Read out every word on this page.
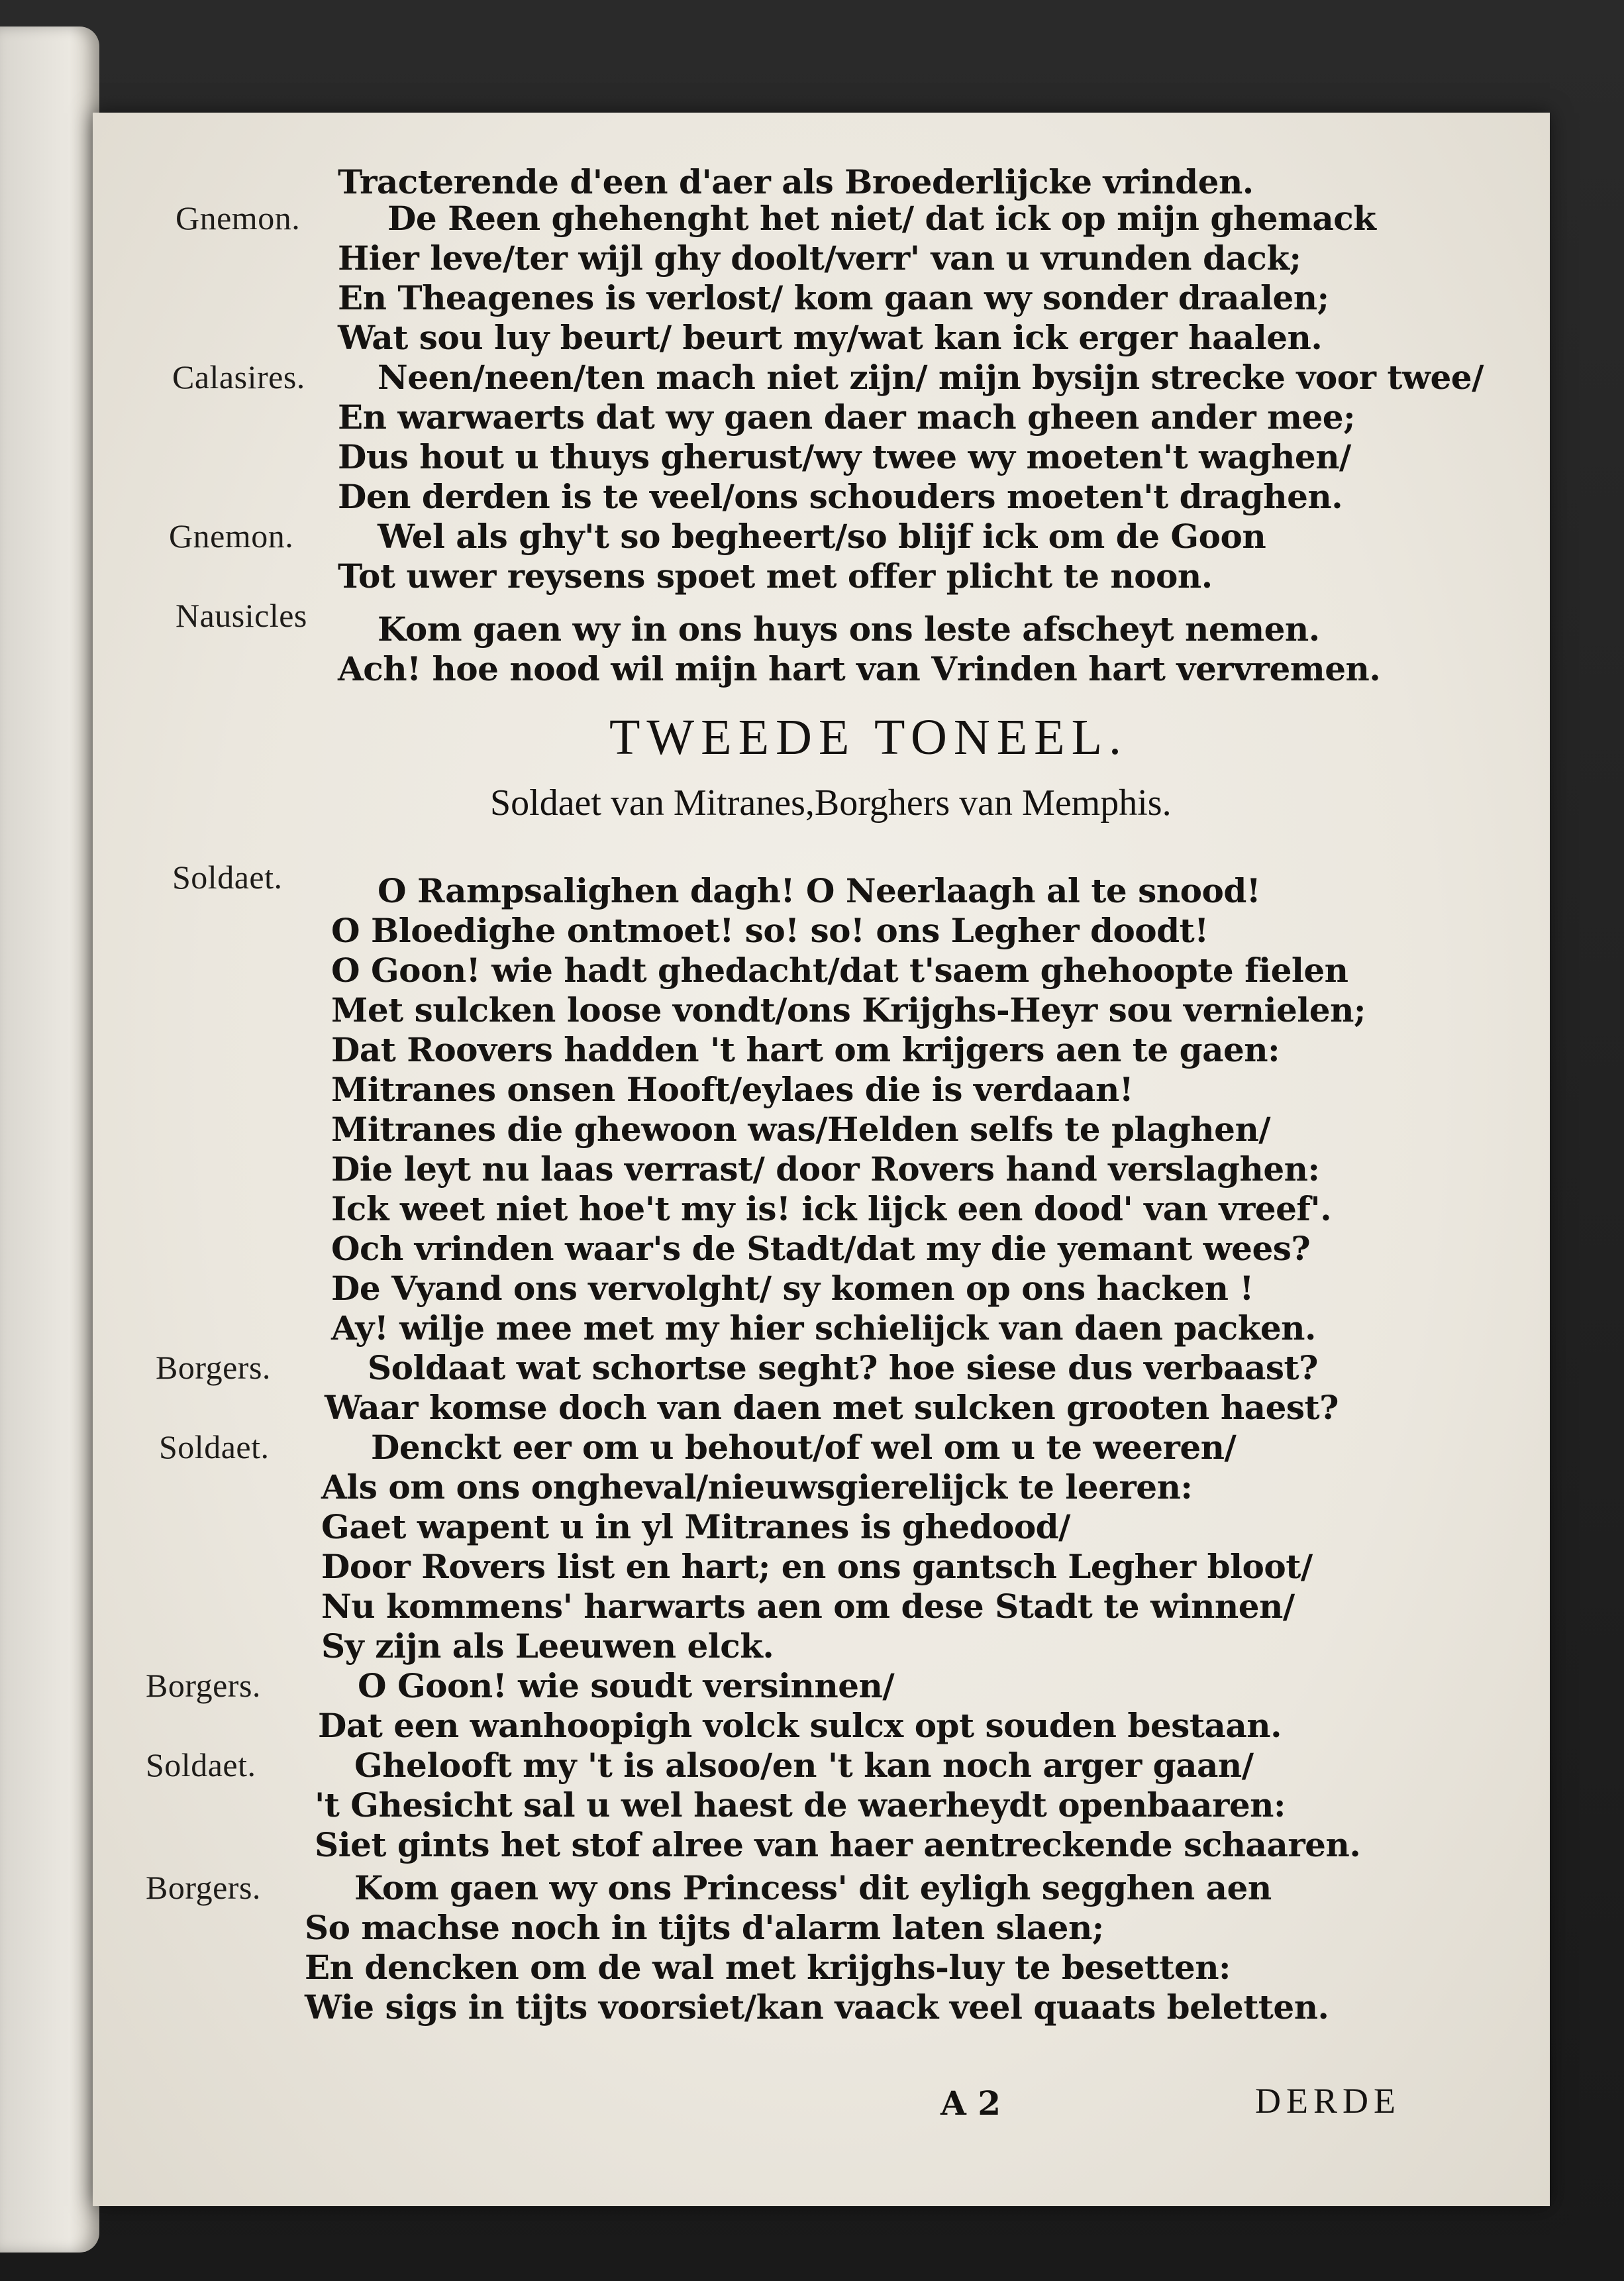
Tracterende d'een d'aer als Broederlijcke vrinden.
Gnemon.	De Reen ghehenght het niet/ dat ick op mijn ghemack
Hier leve/ter wijl ghy doolt/verr' van u vrunden dack;
En Theagenes is verlost/ kom gaan wy sonder draalen;
Wat sou luy beurt/ beurt my/wat kan ick erger haalen.
Calasires. Neen/neen/ten mach niet zijn/ mijn bysijn strecke voor twee/
En warwaerts dat wy gaen daer mach gheen ander mee;
Dus hout u thuys gherust/wy twee wy moeten't waghen/
Den derden is te veel/ons schouders moeten't draghen.
Gnemon.	Wel als ghy't so begheert/so blijf ick om de Goon
Tot uwer reysens spoet met offer plicht te noon.
Nausicles Kom gaen wy in ons huys ons leste afscheyt nemen.
Ach! hoe nood wil mijn hart van Vrinden hart vervremen.
TWEEDE TONEEL.
Soldaet van Mitranes,Borghers van Memphis.
Soldaet.	O Rampsalighen dagh! O Neerlaagh al te snood!
O Bloedighe ontmoet! so! so! ons Legher doodt!
O Goon! wie hadt ghedacht/dat t'saem ghehoopte fielen
Met sulcken loose vondt/ons Krijghs-Heyr sou vernielen;
Dat Roovers hadden 't hart om krijgers aen te gaen:
Mitranes onsen Hooft/eylaes die is verdaan!
Mitranes die ghewoon was/Helden selfs te plaghen/
Die leyt nu laas verrast/ door Rovers hand verslaghen:
Ick weet niet hoe't my is! ick lijck een dood' van vreef'.
Och vrinden waar's de Stadt/dat my die yemant wees?
De Vyand ons vervolght/ sy komen op ons hacken !
Ay! wilje mee met my hier schielijck van daen packen.
Borgers.	Soldaat wat schortse seght? hoe siese dus verbaast?
Waar komse doch van daen met sulcken grooten haest?
Soldaet.	Denckt eer om u behout/of wel om u te weeren/
Als om ons ongheval/nieuwsgierelijck te leeren:
Gaet wapent u in yl Mitranes is ghedood/
Door Rovers list en hart; en ons gantsch Legher bloot/
Nu kommens' harwarts aen om dese Stadt te winnen/
Sy zijn als Leeuwen elck.
Borgers.	O Goon! wie soudt versinnen/
Dat een wanhoopigh volck sulcx opt souden bestaan.
Soldaet.	Ghelooft my 't is alsoo/en 't kan noch arger gaan/
't Ghesicht sal u wel haest de waerheydt openbaaren:
Siet gints het stof alree van haer aentreckende schaaren.
Borgers.	Kom gaen wy ons Princess' dit eyligh segghen aen
So machse noch in tijts d'alarm laten slaen;
En dencken om de wal met krijghs-luy te besetten:
Wie sigs in tijts voorsiet/kan vaack veel quaats beletten.
A 2	DERDE
